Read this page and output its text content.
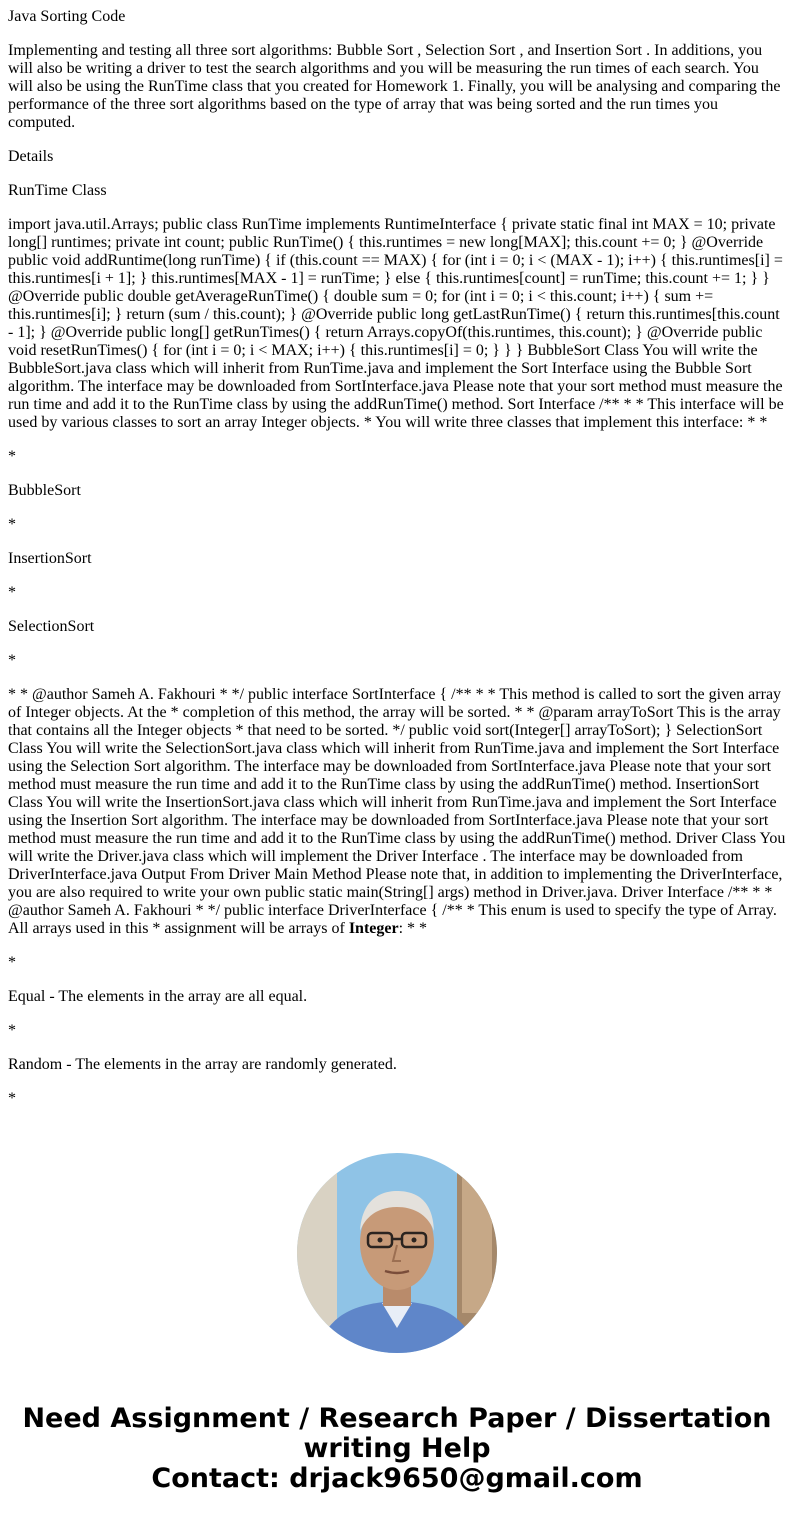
Java Sorting Code

Implementing and testing all three sort algorithms: Bubble Sort , Selection Sort , and Insertion Sort . In additions, you will also be writing a driver to test the search algorithms and you will be measuring the run times of each search. You will also be using the RunTime class that you created for Homework 1. Finally, you will be analysing and comparing the performance of the three sort algorithms based on the type of array that was being sorted and the run times you computed.

Details

RunTime Class

import java.util.Arrays; public class RunTime implements RuntimeInterface { private static final int MAX = 10; private long[] runtimes; private int count; public RunTime() { this.runtimes = new long[MAX]; this.count += 0; } @Override public void addRuntime(long runTime) { if (this.count == MAX) { for (int i = 0; i < (MAX - 1); i++) { this.runtimes[i] = this.runtimes[i + 1]; } this.runtimes[MAX - 1] = runTime; } else { this.runtimes[count] = runTime; this.count += 1; } } @Override public double getAverageRunTime() { double sum = 0; for (int i = 0; i < this.count; i++) { sum += this.runtimes[i]; } return (sum / this.count); } @Override public long getLastRunTime() { return this.runtimes[this.count - 1]; } @Override public long[] getRunTimes() { return Arrays.copyOf(this.runtimes, this.count); } @Override public void resetRunTimes() { for (int i = 0; i < MAX; i++) { this.runtimes[i] = 0; } } } BubbleSort Class You will write the BubbleSort.java class which will inherit from RunTime.java and implement the Sort Interface using the Bubble Sort algorithm. The interface may be downloaded from SortInterface.java Please note that your sort method must measure the run time and add it to the RunTime class by using the addRunTime() method. Sort Interface /** * * This interface will be used by various classes to sort an array Integer objects. * You will write three classes that implement this interface: * *

*

BubbleSort

*

InsertionSort

*

SelectionSort

*

* * @author Sameh A. Fakhouri * */ public interface SortInterface { /** * * This method is called to sort the given array of Integer objects. At the * completion of this method, the array will be sorted. * * @param arrayToSort This is the array that contains all the Integer objects * that need to be sorted. */ public void sort(Integer[] arrayToSort); } SelectionSort Class You will write the SelectionSort.java class which will inherit from RunTime.java and implement the Sort Interface using the Selection Sort algorithm. The interface may be downloaded from SortInterface.java Please note that your sort method must measure the run time and add it to the RunTime class by using the addRunTime() method. InsertionSort Class You will write the InsertionSort.java class which will inherit from RunTime.java and implement the Sort Interface using the Insertion Sort algorithm. The interface may be downloaded from SortInterface.java Please note that your sort method must measure the run time and add it to the RunTime class by using the addRunTime() method. Driver Class You will write the Driver.java class which will implement the Driver Interface . The interface may be downloaded from DriverInterface.java Output From Driver Main Method Please note that, in addition to implementing the DriverInterface, you are also required to write your own public static main(String[] args) method in Driver.java. Driver Interface /** * * @author Sameh A. Fakhouri * */ public interface DriverInterface { /** * This enum is used to specify the type of Array. All arrays used in this * assignment will be arrays of Integer: * *

*

Equal - The elements in the array are all equal.

*

Random - The elements in the array are randomly generated.

*

Need Assignment / Research Paper / Dissertation
writing Help
Contact: drjack9650@gmail.com
